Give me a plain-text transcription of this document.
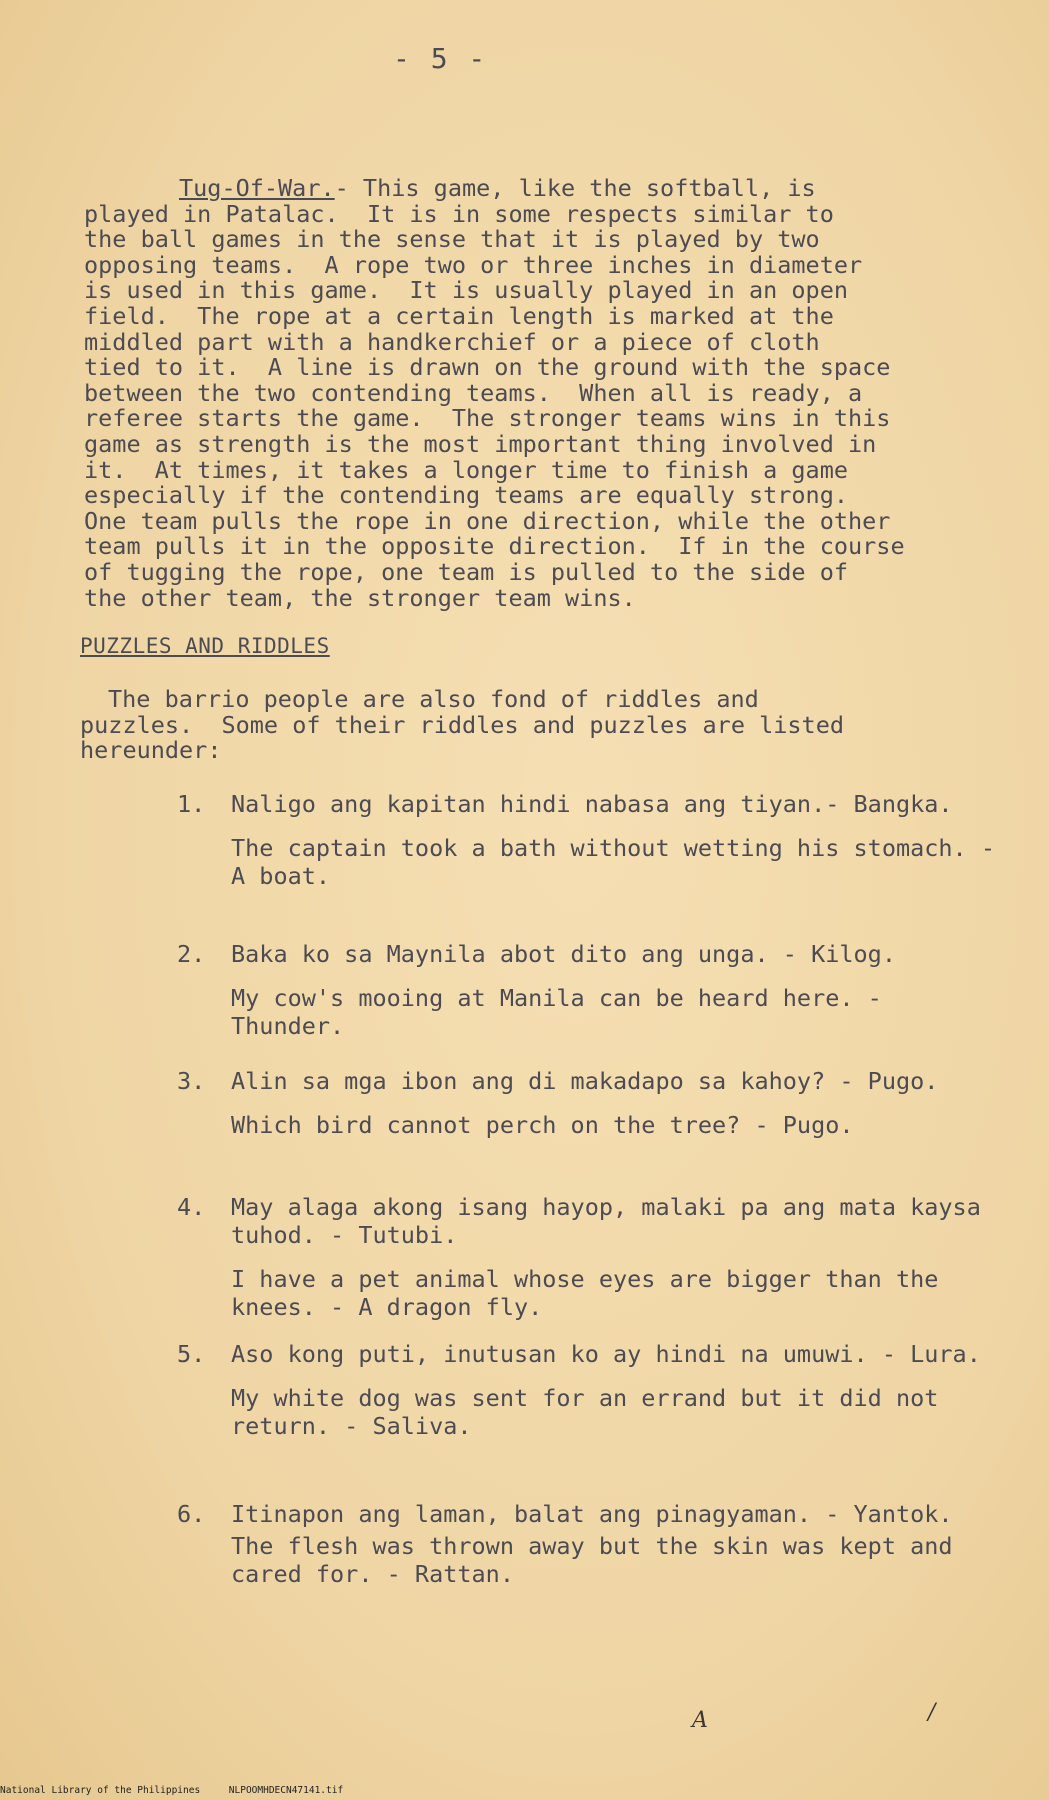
- 5 -
Tug-Of-War.- This game, like the softball, is
played in Patalac.  It is in some respects similar to
the ball games in the sense that it is played by two
opposing teams.  A rope two or three inches in diameter
is used in this game.  It is usually played in an open
field.  The rope at a certain length is marked at the
middled part with a handkerchief or a piece of cloth
tied to it.  A line is drawn on the ground with the space
between the two contending teams.  When all is ready, a
referee starts the game.  The stronger teams wins in this
game as strength is the most important thing involved in
it.  At times, it takes a longer time to finish a game
especially if the contending teams are equally strong.
One team pulls the rope in one direction, while the other
team pulls it in the opposite direction.  If in the course
of tugging the rope, one team is pulled to the side of
the other team, the stronger team wins.
PUZZLES AND RIDDLES
The barrio people are also fond of riddles and
puzzles.  Some of their riddles and puzzles are listed
hereunder:
1. Naligo ang kapitan hindi nabasa ang tiyan.- Bangka.
The captain took a bath without wetting his stomach. - A boat.
2. Baka ko sa Maynila abot dito ang unga. - Kilog.
My cow's mooing at Manila can be heard here. - Thunder.
3. Alin sa mga ibon ang di makadapo sa kahoy? - Pugo.
Which bird cannot perch on the tree? - Pugo.
4. May alaga akong isang hayop, malaki pa ang mata kaysa tuhod. - Tutubi.
I have a pet animal whose eyes are bigger than the knees. - A dragon fly.
5. Aso kong puti, inutusan ko ay hindi na umuwi. - Lura.
My white dog was sent for an errand but it did not return. - Saliva.
6. Itinapon ang laman, balat ang pinagyaman. - Yantok.
The flesh was thrown away but the skin was kept and cared for. - Rattan.
A	/
National Library of the Philippines     NLPOOMHDECN47141.tif
